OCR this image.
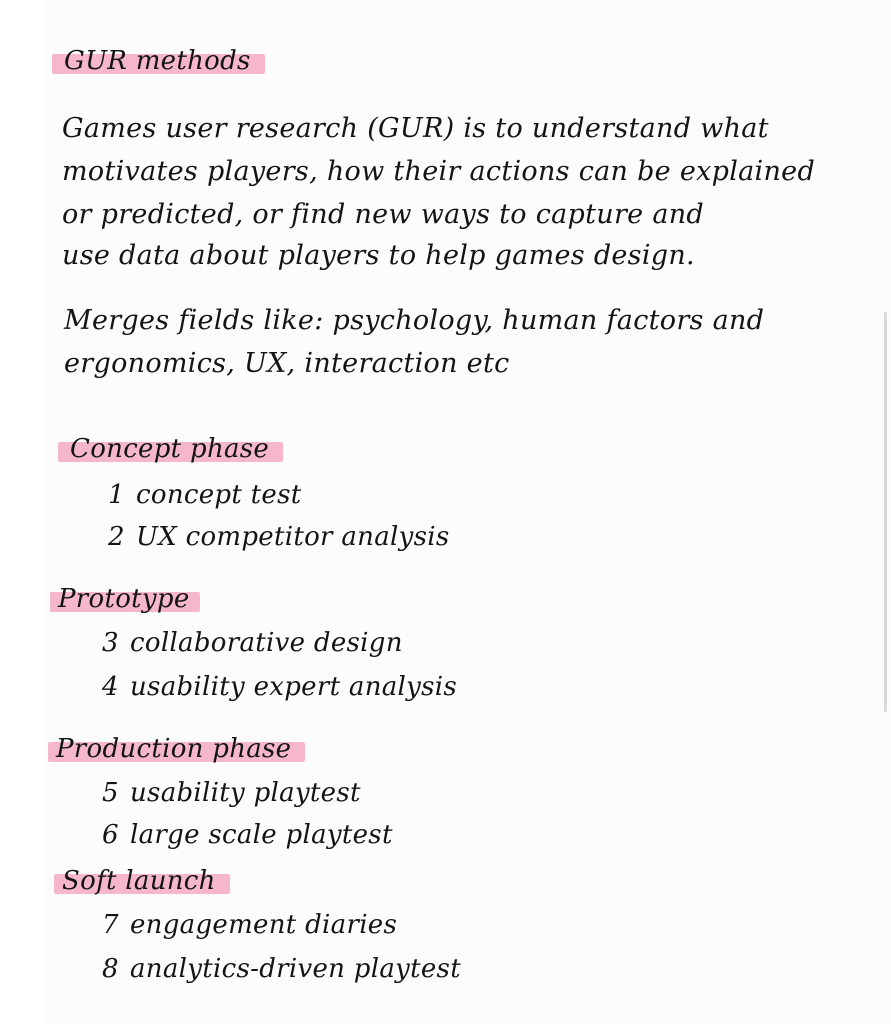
GUR methods
Games user research (GUR) is to understand what
motivates players, how their actions can be explained
or predicted, or find new ways to capture and
use data about players to help games design.
Merges fields like: psychology, human factors and
ergonomics, UX, interaction etc
Concept phase
1 concept test
2 UX competitor analysis
Prototype
3 collaborative design
4 usability expert analysis
Production phase
5 usability playtest
6 large scale playtest
Soft launch
7 engagement diaries
8 analytics-driven playtest
